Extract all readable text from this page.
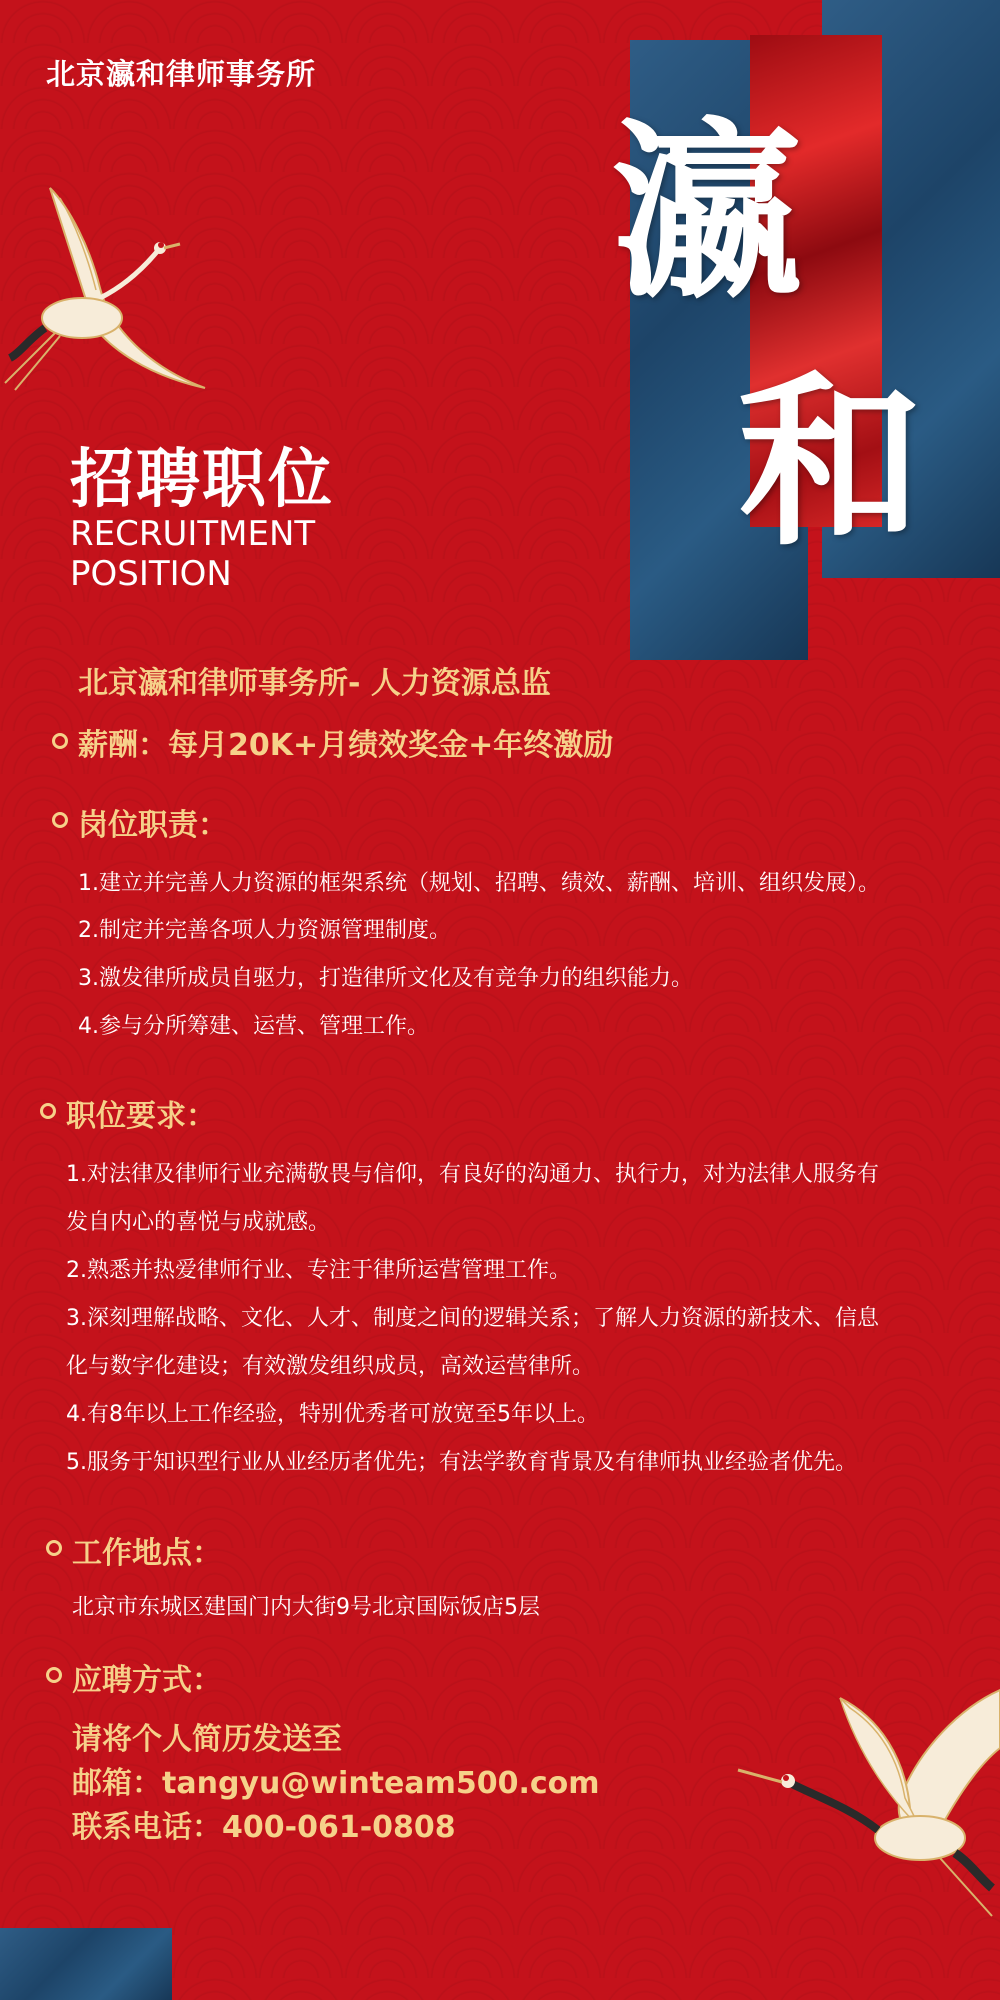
北京瀛和律师事务所
瀛
和
招聘职位
RECRUITMENT
POSITION
北京瀛和律师事务所- 人力资源总监
薪酬：每月20K+月绩效奖金+年终激励
岗位职责：
1.建立并完善人力资源的框架系统（规划、招聘、绩效、薪酬、培训、组织发展）。
2.制定并完善各项人力资源管理制度。
3.激发律所成员自驱力，打造律所文化及有竞争力的组织能力。
4.参与分所筹建、运营、管理工作。
职位要求：
1.对法律及律师行业充满敬畏与信仰，有良好的沟通力、执行力，对为法律人服务有
发自内心的喜悦与成就感。
2.熟悉并热爱律师行业、专注于律所运营管理工作。
3.深刻理解战略、文化、人才、制度之间的逻辑关系；了解人力资源的新技术、信息
化与数字化建设；有效激发组织成员，高效运营律所。
4.有8年以上工作经验，特别优秀者可放宽至5年以上。
5.服务于知识型行业从业经历者优先；有法学教育背景及有律师执业经验者优先。
工作地点：
北京市东城区建国门内大街9号北京国际饭店5层
应聘方式：
请将个人简历发送至
邮箱：tangyu@winteam500.com
联系电话：400-061-0808
